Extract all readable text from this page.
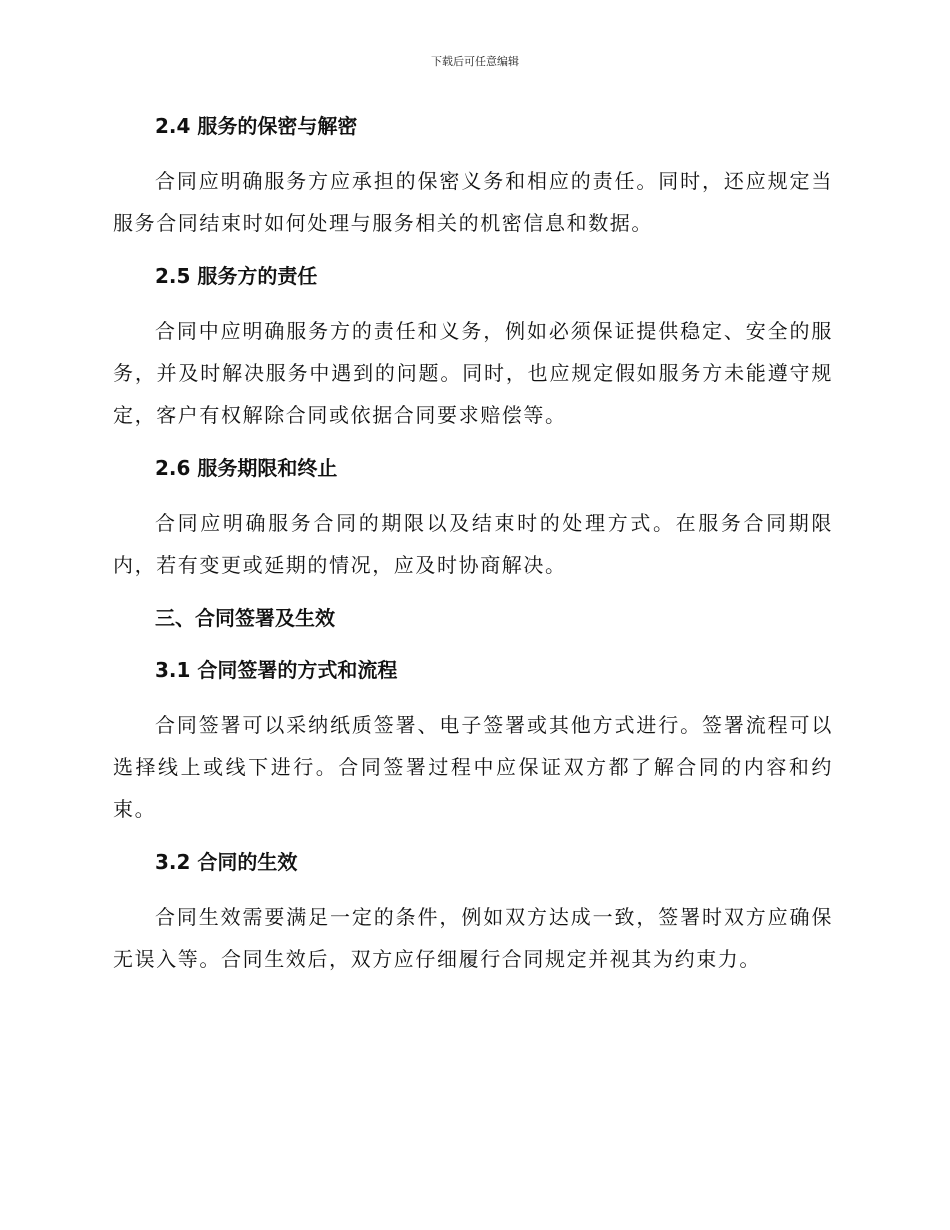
下载后可任意编辑
2.4 服务的保密与解密

合同应明确服务方应承担的保密义务和相应的责任。同时，还应规定当服务合同结束时如何处理与服务相关的机密信息和数据。

2.5 服务方的责任

合同中应明确服务方的责任和义务，例如必须保证提供稳定、安全的服务，并及时解决服务中遇到的问题。同时，也应规定假如服务方未能遵守规定，客户有权解除合同或依据合同要求赔偿等。

2.6 服务期限和终止

合同应明确服务合同的期限以及结束时的处理方式。在服务合同期限内，若有变更或延期的情况，应及时协商解决。

三、合同签署及生效
3.1 合同签署的方式和流程

合同签署可以采纳纸质签署、电子签署或其他方式进行。签署流程可以选择线上或线下进行。合同签署过程中应保证双方都了解合同的内容和约束。

3.2 合同的生效

合同生效需要满足一定的条件，例如双方达成一致，签署时双方应确保无误入等。合同生效后，双方应仔细履行合同规定并视其为约束力。
